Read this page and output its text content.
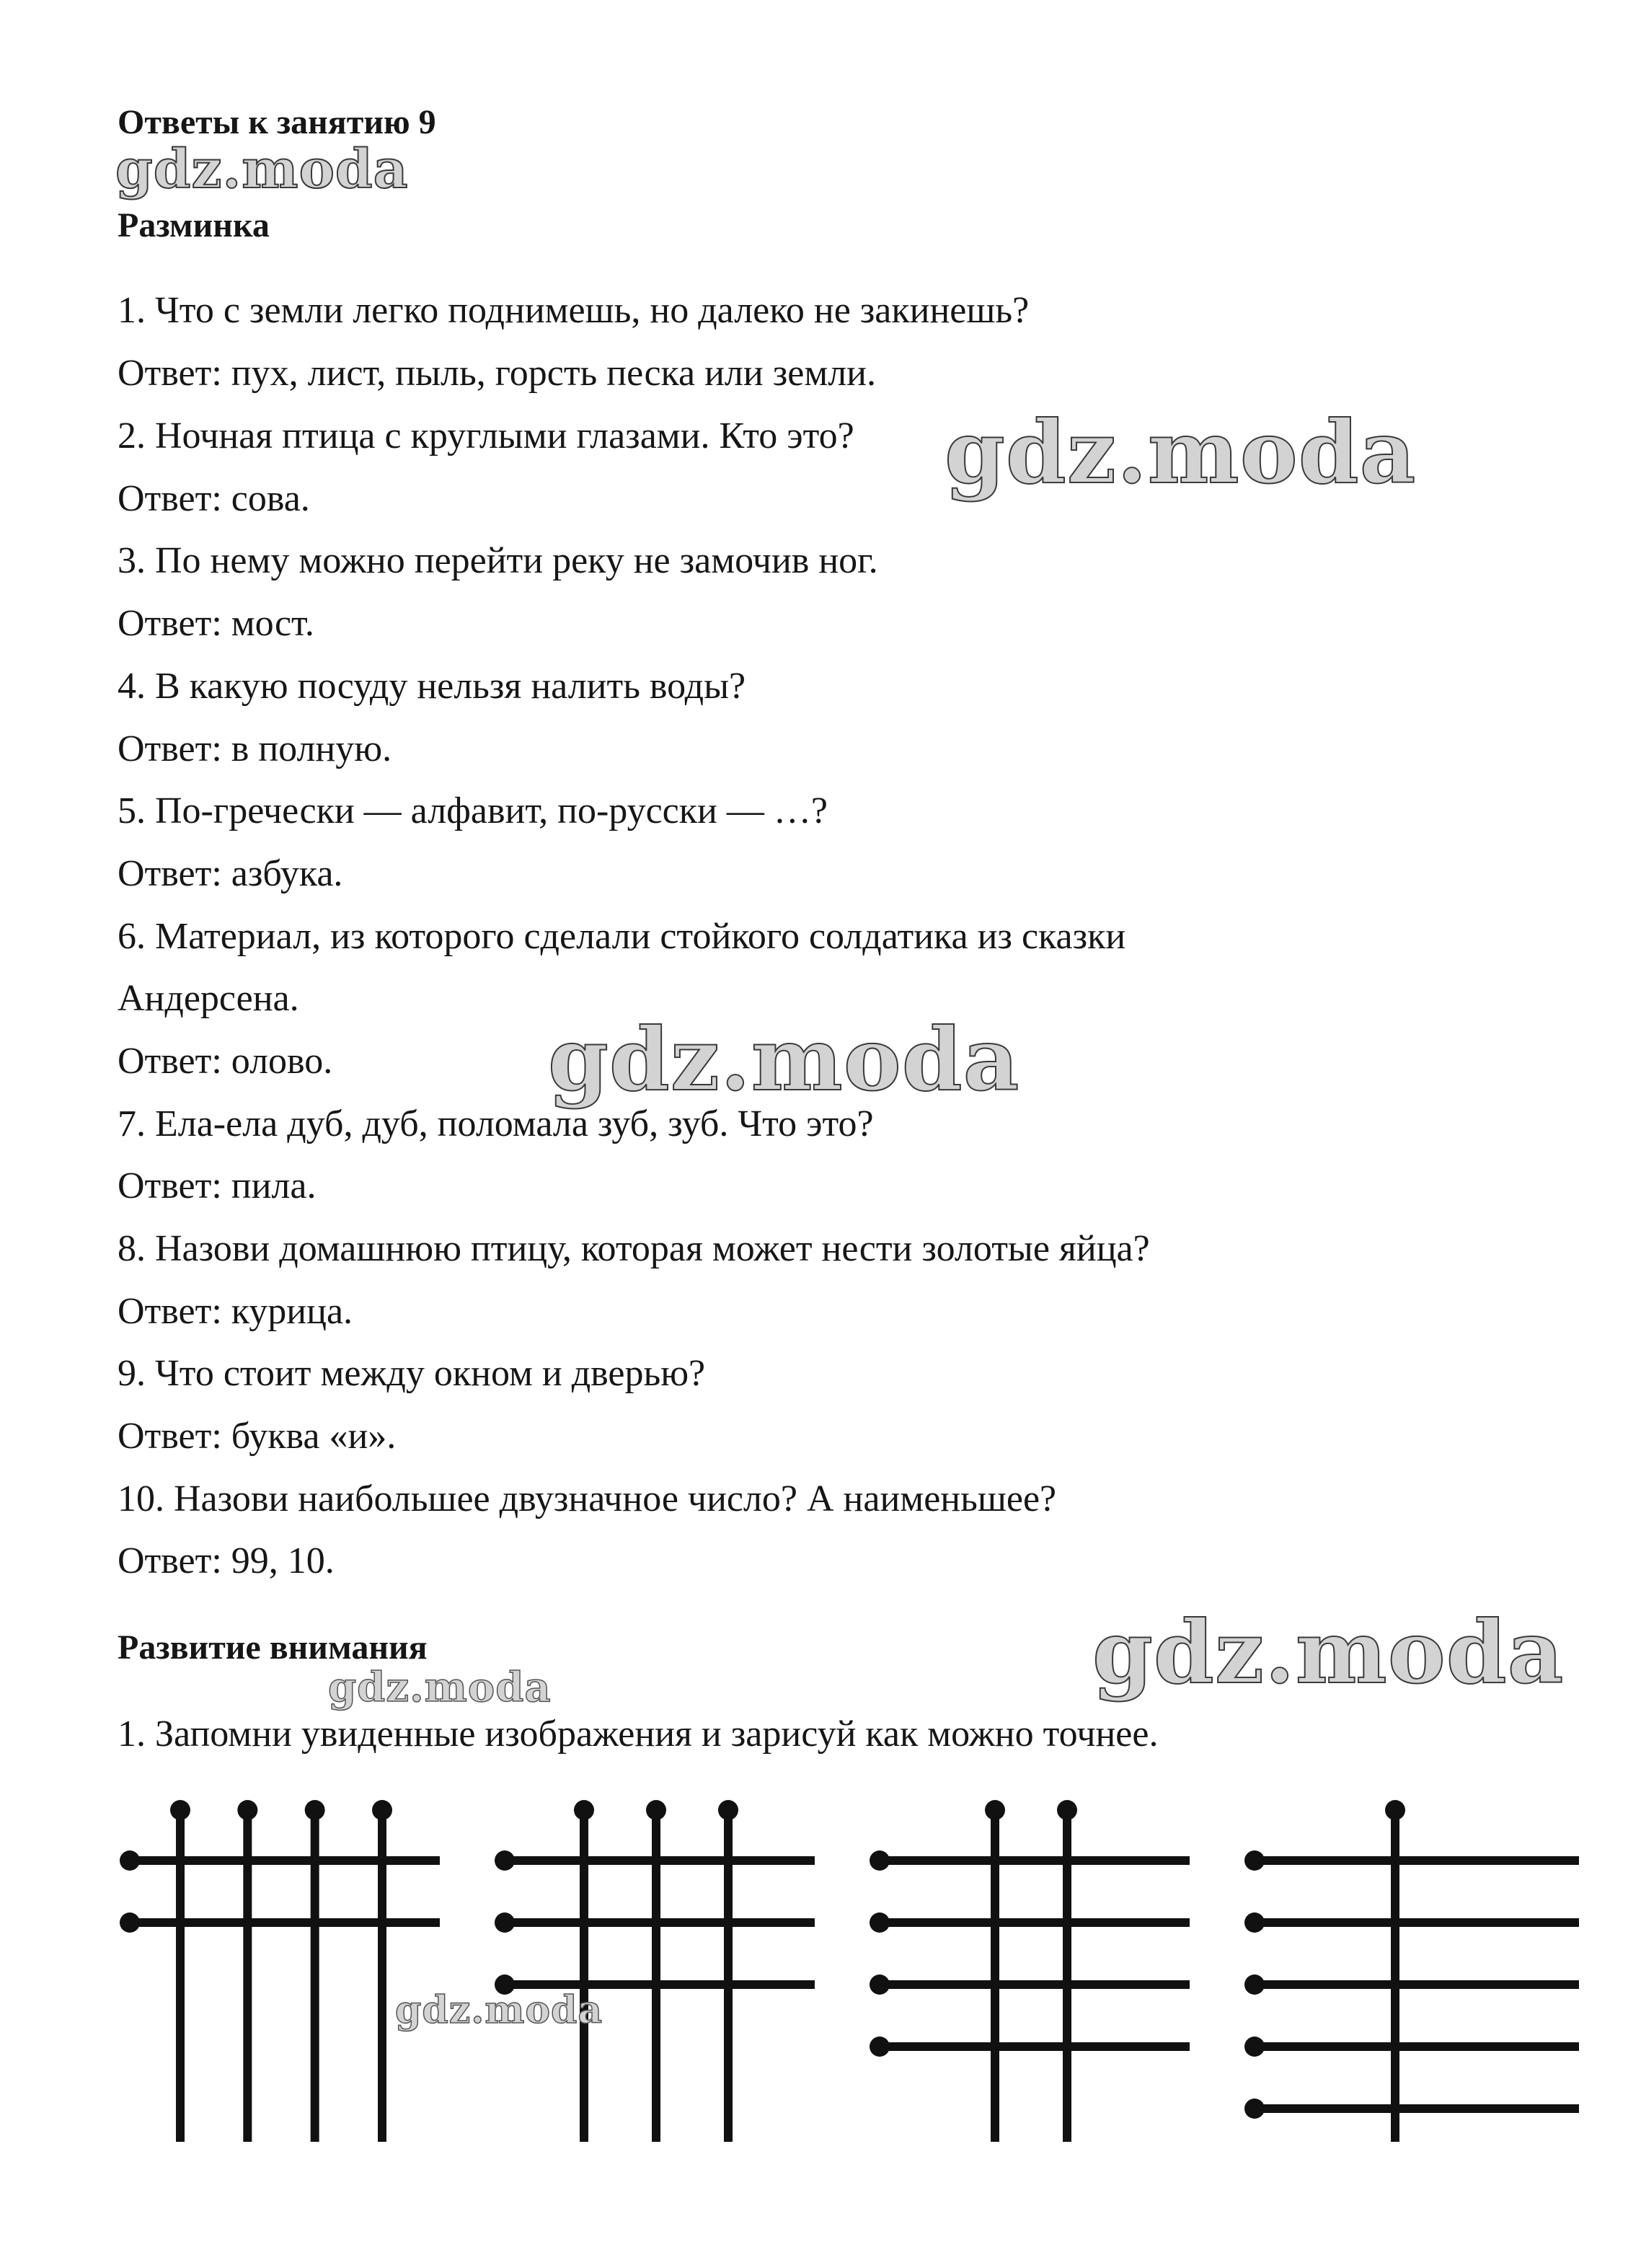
Ответы к занятию 9
gdz.moda
Разминка
1. Что с земли легко поднимешь, но далеко не закинешь?
Ответ: пух, лист, пыль, горсть песка или земли.
2. Ночная птица с круглыми глазами. Кто это? gdz.moda
Ответ: сова.
3. По нему можно перейти реку не замочив ног.
Ответ: мост.
4. В какую посуду нельзя налить воды?
Ответ: в полную.
5. По-гречески — алфавит, по-русски — …?
Ответ: азбука.
6. Материал, из которого сделали стойкого солдатика из сказки
Андерсена.
Ответ: олово. gdz.moda
7. Ела-ела дуб, дуб, поломала зуб, зуб. Что это?
Ответ: пила.
8. Назови домашнюю птицу, которая может нести золотые яйца?
Ответ: курица.
9. Что стоит между окном и дверью?
Ответ: буква «и».
10. Назови наибольшее двузначное число? А наименьшее?
Ответ: 99, 10.
Развитие внимания	gdz.moda
gdz.moda
1. Запомни увиденные изображения и зарисуй как можно точнее.
gdz.moda
